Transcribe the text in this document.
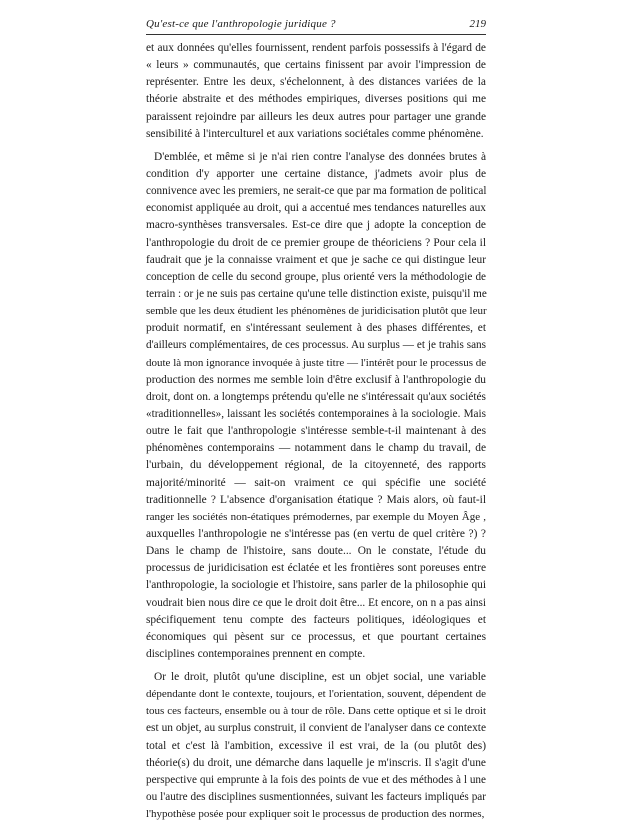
Qu'est-ce que l'anthropologie juridique ?	219
et aux données qu'elles fournissent, rendent parfois possessifs à l'égard de
« leurs » communautés, que certains finissent par avoir l'impression de
représenter. Entre les deux, s'échelonnent, à des distances variées de la
théorie abstraite et des méthodes empiriques, diverses positions qui me
paraissent rejoindre par ailleurs les deux autres pour partager une grande
sensibilité à l'interculturel et aux variations sociétales comme phénomène.
D'emblée, et même si je n'ai rien contre l'analyse des données brutes à
condition d'y apporter une certaine distance, j'admets avoir plus de
connivence avec les premiers, ne serait-ce que par ma formation de political
economist appliquée au droit, qui a accentué mes tendances naturelles aux
macro-synthèses transversales. Est-ce dire que j adopte la conception de
l'anthropologie du droit de ce premier groupe de théoriciens ? Pour cela il
faudrait que je la connaisse vraiment et que je sache ce qui distingue leur
conception de celle du second groupe, plus orienté vers la méthodologie de
terrain : or je ne suis pas certaine qu'une telle distinction existe, puisqu'il me
semble que les deux étudient les phénomènes de juridicisation plutôt que leur
produit normatif, en s'intéressant seulement à des phases différentes, et
d'ailleurs complémentaires, de ces processus. Au surplus — et je trahis sans
doute là mon ignorance invoquée à juste titre — l'intérêt pour le processus de
production des normes me semble loin d'être exclusif à l'anthropologie du
droit, dont on. a longtemps prétendu qu'elle ne s'intéressait qu'aux sociétés
«traditionnelles», laissant les sociétés contemporaines à la sociologie. Mais
outre le fait que l'anthropologie s'intéresse semble-t-il maintenant à des
phénomènes contemporains — notamment dans le champ du travail, de
l'urbain, du développement régional, de la citoyenneté, des rapports
majorité/minorité — sait-on vraiment ce qui spécifie une société
traditionnelle ? L'absence d'organisation étatique ? Mais alors, où faut-il
ranger les sociétés non-étatiques prémodernes, par exemple du Moyen Âge ,
auxquelles l'anthropologie ne s'intéresse pas (en vertu de quel critère ?) ?
Dans le champ de l'histoire, sans doute... On le constate, l'étude du
processus de juridicisation est éclatée et les frontières sont poreuses entre
l'anthropologie, la sociologie et l'histoire, sans parler de la philosophie qui
voudrait bien nous dire ce que le droit doit être... Et encore, on n a pas ainsi
spécifiquement tenu compte des facteurs politiques, idéologiques et
économiques qui pèsent sur ce processus, et que pourtant certaines
disciplines contemporaines prennent en compte.
Or le droit, plutôt qu'une discipline, est un objet social, une variable
dépendante dont le contexte, toujours, et l'orientation, souvent, dépendent de
tous ces facteurs, ensemble ou à tour de rôle. Dans cette optique et si le droit
est un objet, au surplus construit, il convient de l'analyser dans ce contexte
total et c'est là l'ambition, excessive il est vrai, de la (ou plutôt des)
théorie(s) du droit, une démarche dans laquelle je m'inscris. Il s'agit d'une
perspective qui emprunte à la fois des points de vue et des méthodes à l une
ou l'autre des disciplines susmentionnées, suivant les facteurs impliqués par
l'hypothèse posée pour expliquer soit le processus de production des normes,
